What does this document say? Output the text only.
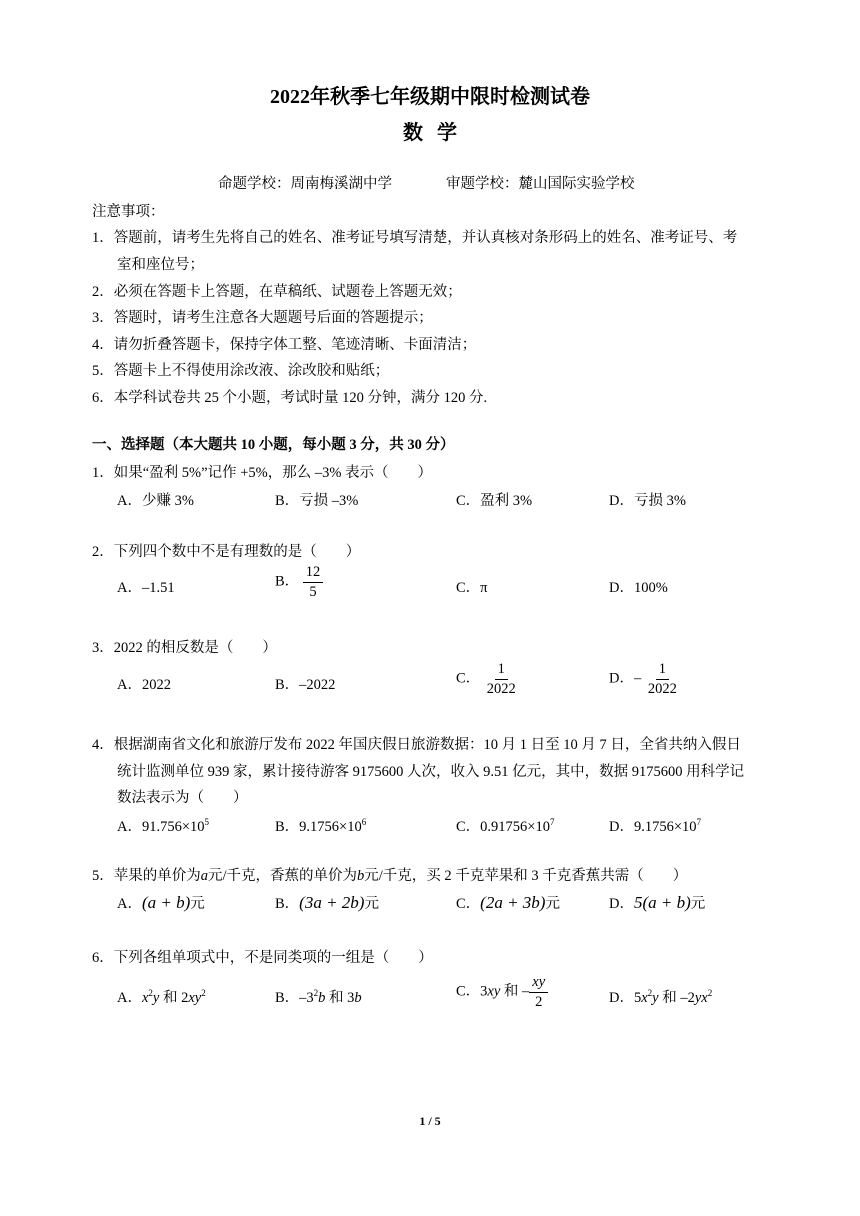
2022年秋季七年级期中限时检测试卷
数学
命题学校：周南梅溪湖中学	审题学校：麓山国际实验学校
注意事项：
1．答题前，请考生先将自己的姓名、准考证号填写清楚，并认真核对条形码上的姓名、准考证号、考
室和座位号；
2．必须在答题卡上答题，在草稿纸、试题卷上答题无效；
3．答题时，请考生注意各大题题号后面的答题提示；
4．请勿折叠答题卡，保持字体工整、笔迹清晰、卡面清洁；
5．答题卡上不得使用涂改液、涂改胶和贴纸；
6．本学科试卷共 25 个小题，考试时量 120 分钟，满分 120 分.
一、选择题（本大题共 10 小题，每小题 3 分，共 30 分）
1．如果“盈利 5%”记作 +5%，那么 –3% 表示（　　）
A．少赚 3%	B．亏损 –3%	C．盈利 3%	D．亏损 3%
2．下列四个数中不是有理数的是（　　）
A．–1.51	B． $\frac{12}{5}$	C．π	D．100%
3．2022 的相反数是（　　）
A．2022	B．–2022	C． $\frac{1}{2022}$	D．– $\frac{1}{2022}$
4．根据湖南省文化和旅游厅发布 2022 年国庆假日旅游数据：10 月 1 日至 10 月 7 日，全省共纳入假日
统计监测单位 939 家，累计接待游客 9175600 人次，收入 9.51 亿元，其中，数据 9175600 用科学记
数法表示为（　　）
A．$91.756\times 10^5$	B．$9.1756\times 10^6$	C．$0.91756\times 10^7$	D．$9.1756\times 10^7$
5．苹果的单价为a元/千克，香蕉的单价为b元/千克，买 2 千克苹果和 3 千克香蕉共需（　　）
A．(a + b)元	B．(3a + 2b)元	C．(2a + 3b)元	D．5(a + b)元
6．下列各组单项式中，不是同类项的一组是（　　）
A．$x^2y$ 和 $2xy^2$	B．$-3^2b$ 和 3b	C．3xy 和 – $\frac{xy}{2}$	D．$5x^2y$ 和 $-2yx^2$
1 / 5
